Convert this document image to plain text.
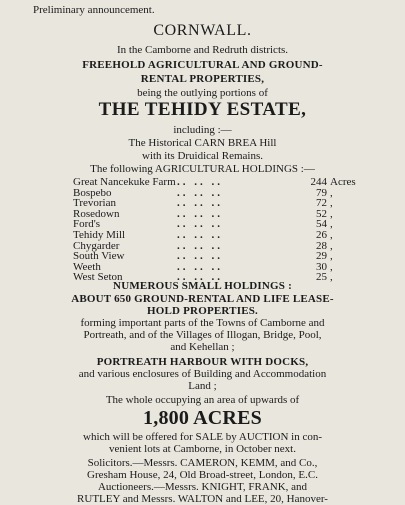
Preliminary announcement.
CORNWALL.
In the Camborne and Redruth districts.
FREEHOLD AGRICULTURAL AND GROUND-
RENTAL PROPERTIES,
being the outlying portions of
THE TEHIDY ESTATE,
including :—
The Historical CARN BREA Hill
with its Druidical Remains.
The following AGRICULTURAL HOLDINGS :—
Great Nancekuke Farm .. .. ..	244 Acres
Bospebo	.. .. ..	79 ,
Trevorian	.. .. ..	72 ,
Rosedown	.. .. ..	52 ,
Ford's	.. .. ..	54 ,
Tehidy Mill	.. .. ..	26 ,
Chygarder	.. .. ..	28 ,
South View	.. .. ..	29 ,
Weeth	.. .. ..	30 ,
West Seton	.. .. ..	25 ,
NUMEROUS SMALL HOLDINGS :
ABOUT 650 GROUND-RENTAL AND LIFE LEASE-
HOLD PROPERTIES.
forming important parts of the Towns of Camborne and
Portreath, and of the Villages of Illogan, Bridge, Pool,
and Kehellan ;
PORTREATH HARBOUR WITH DOCKS,
and various enclosures of Building and Accommodation
Land ;
The whole occupying an area of upwards of
1,800 ACRES
which will be offered for SALE by AUCTION in con-
venient lots at Camborne, in October next.
Solicitors.—Messrs. CAMERON, KEMM, and Co.,
Gresham House, 24, Old Broad-street, London, E.C.
Auctioneers.—Messrs. KNIGHT, FRANK, and
RUTLEY and Messrs. WALTON and LEE, 20, Hanover-
